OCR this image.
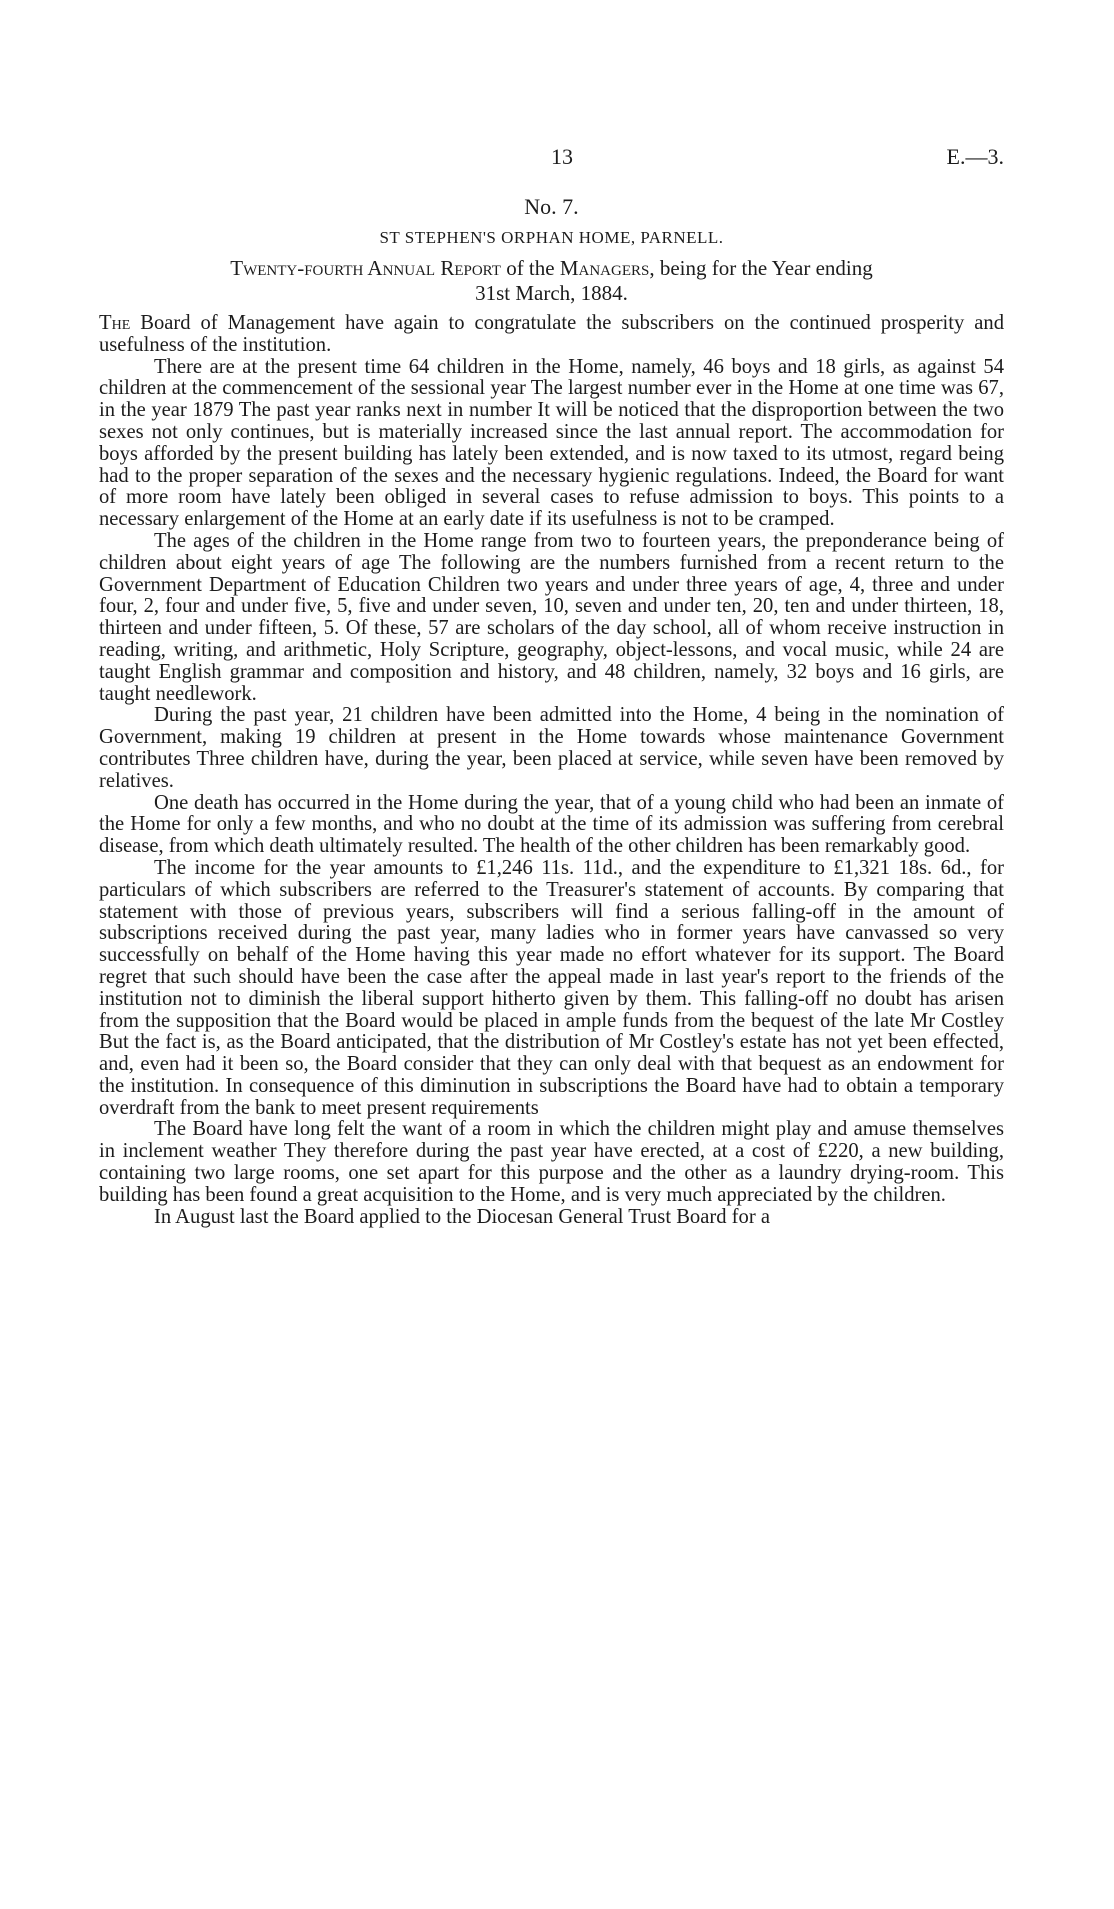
13	E.—3.
No. 7.
ST STEPHEN'S ORPHAN HOME, PARNELL.
Twenty-fourth Annual Report of the Managers, being for the Year ending
31st March, 1884.

The Board of Management have again to congratulate the subscribers on the continued prosperity and usefulness of the institution.

There are at the present time 64 children in the Home, namely, 46 boys and 18 girls, as against 54 children at the commencement of the sessional year The largest number ever in the Home at one time was 67, in the year 1879 The past year ranks next in number It will be noticed that the disproportion between the two sexes not only continues, but is materially increased since the last annual report. The accommodation for boys afforded by the present building has lately been extended, and is now taxed to its utmost, regard being had to the proper separation of the sexes and the necessary hygienic regulations. Indeed, the Board for want of more room have lately been obliged in several cases to refuse admission to boys. This points to a necessary enlargement of the Home at an early date if its usefulness is not to be cramped.

The ages of the children in the Home range from two to fourteen years, the preponderance being of children about eight years of age The following are the numbers furnished from a recent return to the Government Department of Education Children two years and under three years of age, 4, three and under four, 2, four and under five, 5, five and under seven, 10, seven and under ten, 20, ten and under thirteen, 18, thirteen and under fifteen, 5. Of these, 57 are scholars of the day school, all of whom receive instruction in reading, writing, and arithmetic, Holy Scripture, geography, object-lessons, and vocal music, while 24 are taught English grammar and composition and history, and 48 children, namely, 32 boys and 16 girls, are taught needlework.

During the past year, 21 children have been admitted into the Home, 4 being in the nomination of Government, making 19 children at present in the Home towards whose maintenance Government contributes Three children have, during the year, been placed at service, while seven have been removed by relatives.

One death has occurred in the Home during the year, that of a young child who had been an inmate of the Home for only a few months, and who no doubt at the time of its admission was suffering from cerebral disease, from which death ultimately resulted. The health of the other children has been remarkably good.

The income for the year amounts to £1,246 11s. 11d., and the expenditure to £1,321 18s. 6d., for particulars of which subscribers are referred to the Treasurer's statement of accounts. By comparing that statement with those of previous years, subscribers will find a serious falling-off in the amount of subscriptions received during the past year, many ladies who in former years have canvassed so very successfully on behalf of the Home having this year made no effort whatever for its support. The Board regret that such should have been the case after the appeal made in last year's report to the friends of the institution not to diminish the liberal support hitherto given by them. This falling-off no doubt has arisen from the supposition that the Board would be placed in ample funds from the bequest of the late Mr Costley But the fact is, as the Board anticipated, that the distribution of Mr Costley's estate has not yet been effected, and, even had it been so, the Board consider that they can only deal with that bequest as an endowment for the institution. In consequence of this diminution in subscriptions the Board have had to obtain a temporary overdraft from the bank to meet present requirements

The Board have long felt the want of a room in which the children might play and amuse themselves in inclement weather They therefore during the past year have erected, at a cost of £220, a new building, containing two large rooms, one set apart for this purpose and the other as a laundry drying-room. This building has been found a great acquisition to the Home, and is very much appreciated by the children.

In August last the Board applied to the Diocesan General Trust Board for a
